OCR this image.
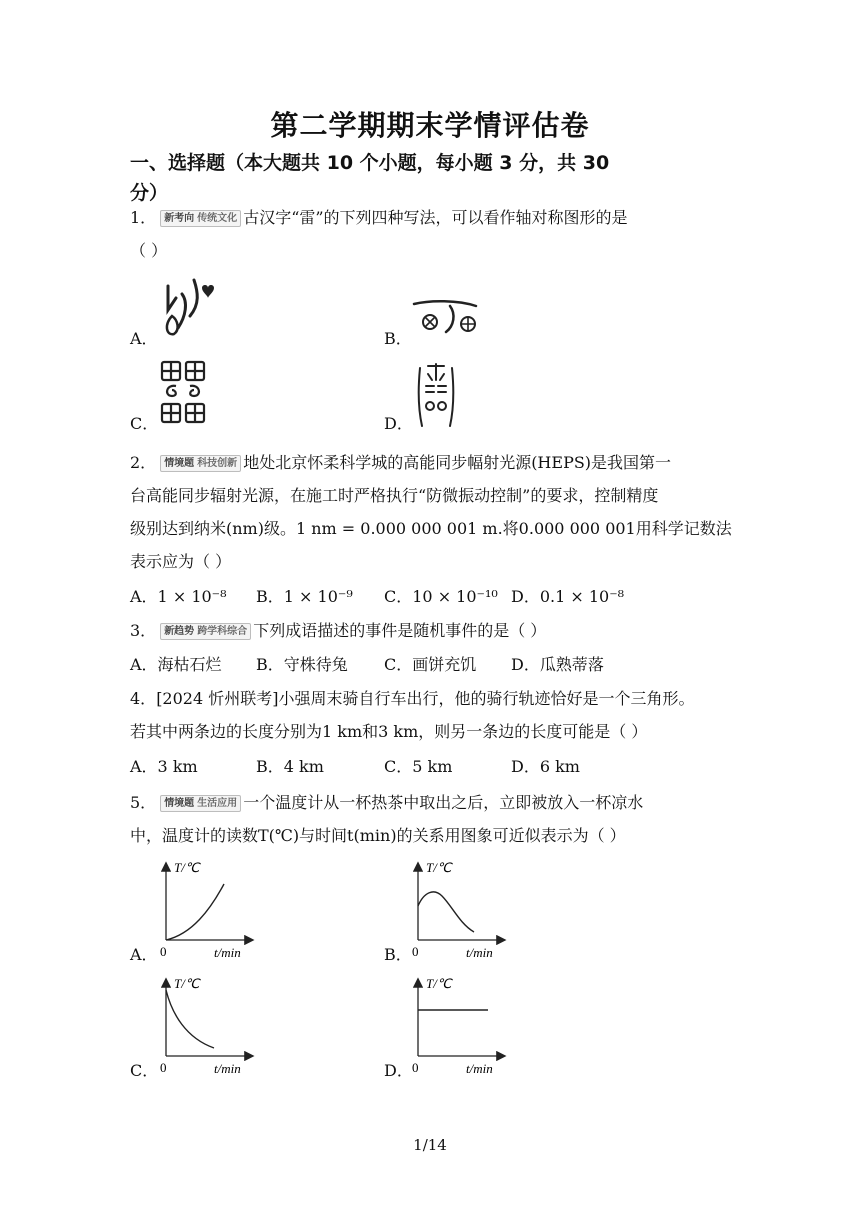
第二学期期末学情评估卷
一、选择题（本大题共 10 个小题，每小题 3 分，共 30
分）
1． 新考向 传统文化 古汉字“雷”的下列四种写法，可以看作轴对称图形的是
（ ）
A．	B．
C．	D．
2． 情境题 科技创新 地处北京怀柔科学城的高能同步幅射光源(HEPS)是我国第一
台高能同步辐射光源，在施工时严格执行“防微振动控制”的要求，控制精度
级别达到纳米(nm)级。1 nm = 0.000 000 001 m.将0.000 000 001用科学记数法
表示应为（ ）
A．1 × 10⁻⁸ B．1 × 10⁻⁹ C．10 × 10⁻¹⁰ D．0.1 × 10⁻⁸
3． 新趋势 跨学科综合 下列成语描述的事件是随机事件的是（ ）
A．海枯石烂 B．守株待兔 C．画饼充饥 D．瓜熟蒂落
4．[2024 忻州联考]小强周末骑自行车出行，他的骑行轨迹恰好是一个三角形。
若其中两条边的长度分别为1 km和3 km，则另一条边的长度可能是（ ）
A．3 km	B．4 km	C．5 km	D．6 km
5． 情境题 生活应用 一个温度计从一杯热茶中取出之后，立即被放入一杯凉水
中，温度计的读数T(℃)与时间t(min)的关系用图象可近似表示为（ ）
A．
T/℃
0	t/min	B．
T/℃
0	t/min
C．
T/℃
0	t/min	D．
T/℃
0	t/min
1/14
